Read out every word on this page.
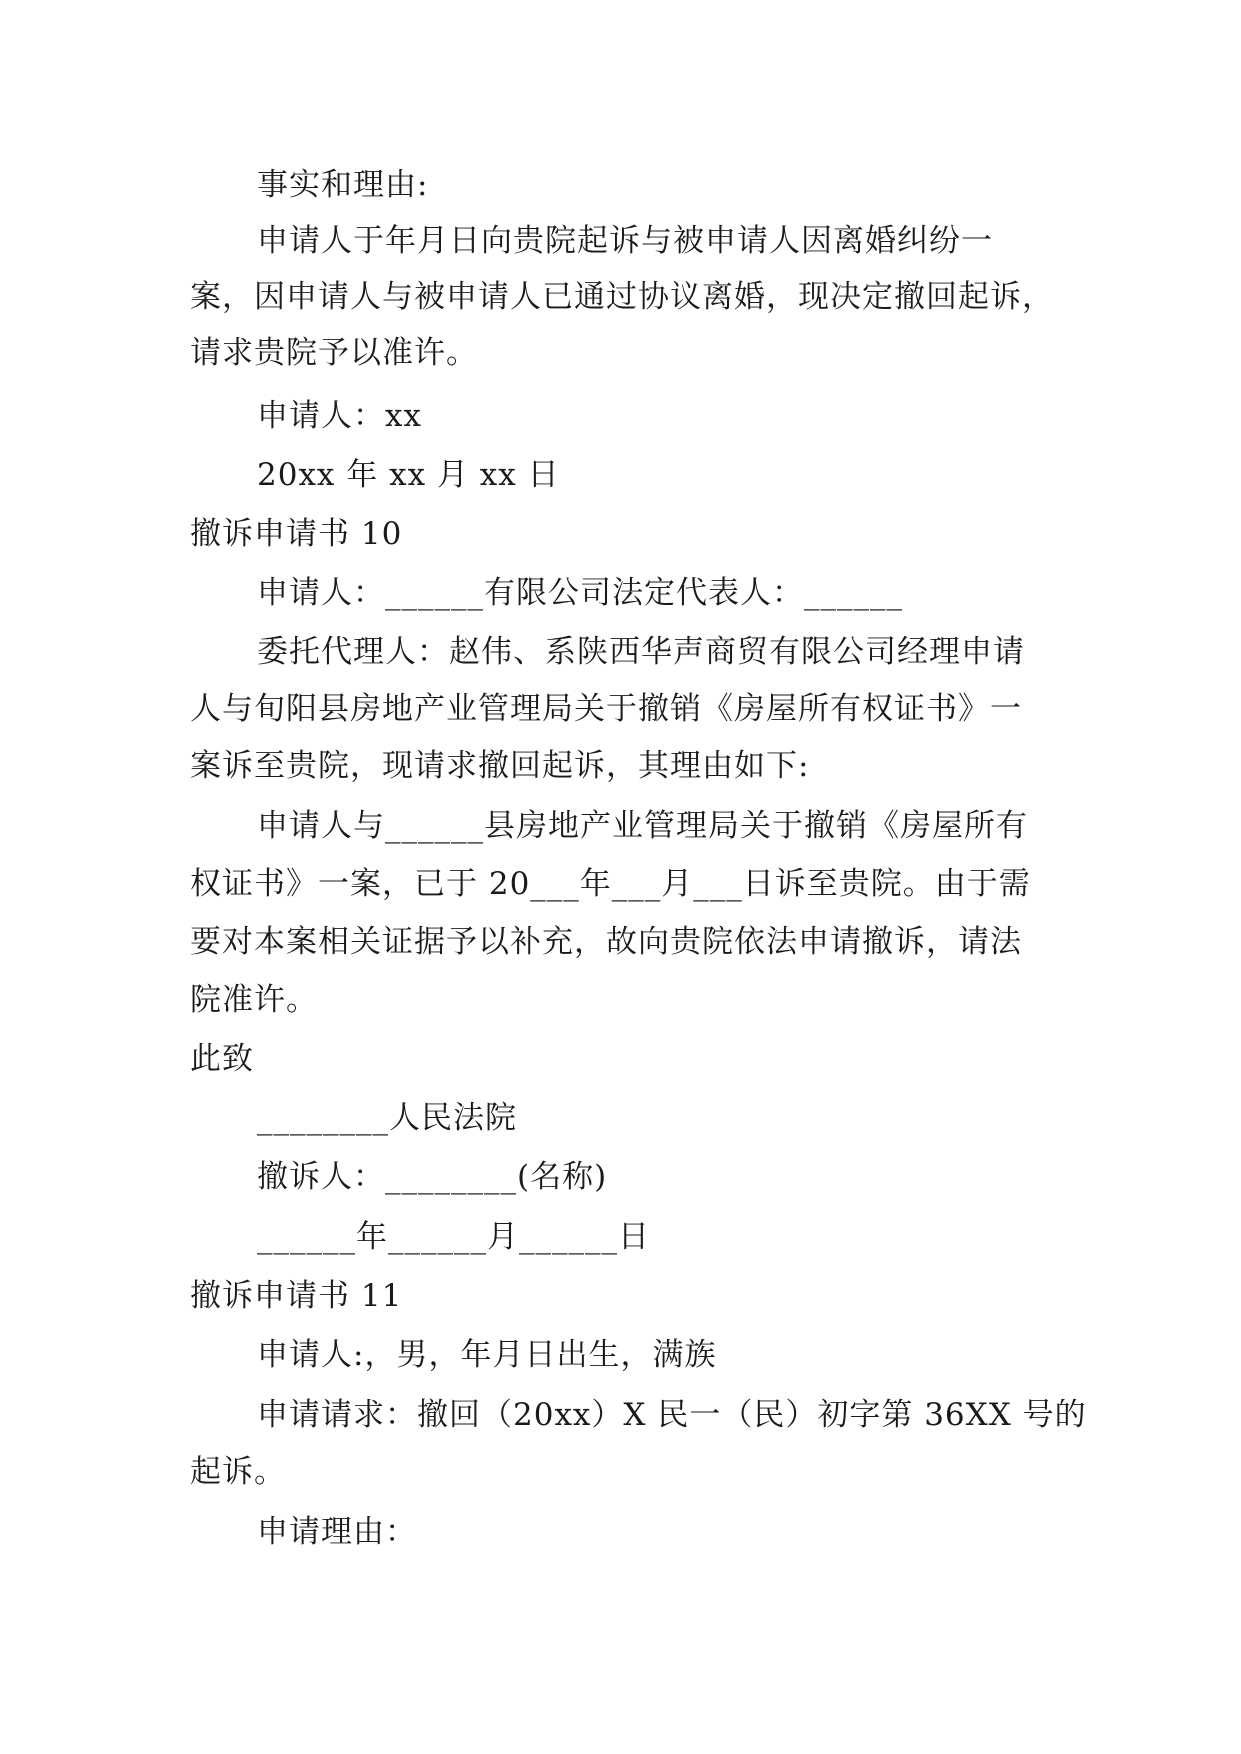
事实和理由:
申请人于年月日向贵院起诉与被申请人因离婚纠纷一
案，因申请人与被申请人已通过协议离婚，现决定撤回起诉，
请求贵院予以准许。
申请人：xx
20xx 年 xx 月 xx 日
撤诉申请书 10
申请人：______有限公司法定代表人：______
委托代理人：赵伟、系陕西华声商贸有限公司经理申请
人与旬阳县房地产业管理局关于撤销《房屋所有权证书》一
案诉至贵院，现请求撤回起诉，其理由如下:
申请人与______县房地产业管理局关于撤销《房屋所有
权证书》一案，已于 20___年___月___日诉至贵院。由于需
要对本案相关证据予以补充，故向贵院依法申请撤诉，请法
院准许。
此致
________人民法院
撤诉人：________(名称)
______年______月______日
撤诉申请书 11
申请人:，男，年月日出生，满族
申请请求：撤回（20xx）X 民一（民）初字第 36XX 号的
起诉。
申请理由：
